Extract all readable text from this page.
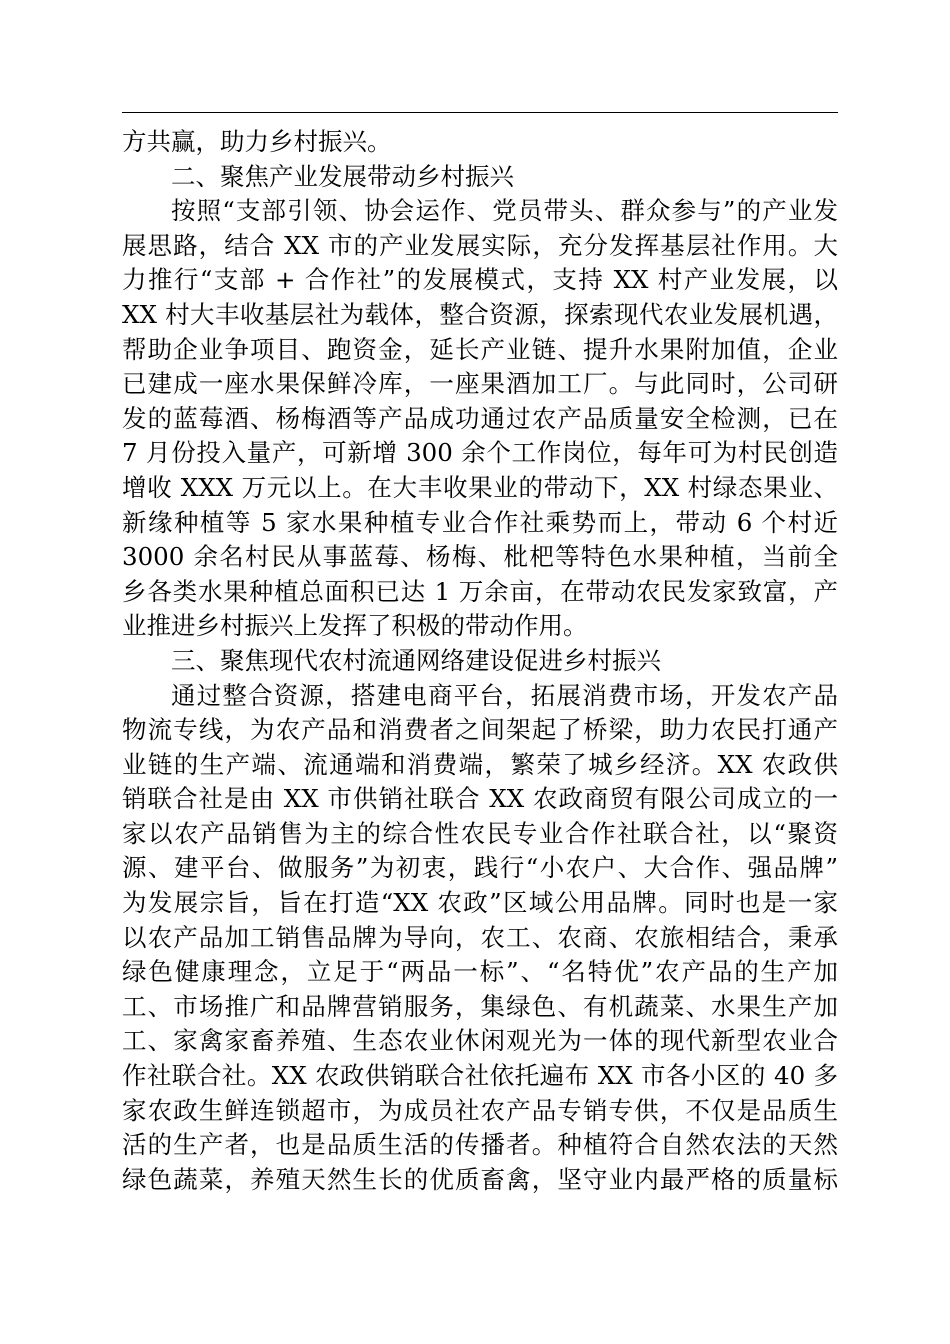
方共赢，助力乡村振兴。
二、聚焦产业发展带动乡村振兴
按照“支部引领、协会运作、党员带头、群众参与”的产业发
展思路，结合 XX 市的产业发展实际，充分发挥基层社作用。大
力推行“支部 + 合作社”的发展模式，支持 XX 村产业发展，以
XX 村大丰收基层社为载体，整合资源，探索现代农业发展机遇，
帮助企业争项目、跑资金，延长产业链、提升水果附加值，企业
已建成一座水果保鲜冷库，一座果酒加工厂。与此同时，公司研
发的蓝莓酒、杨梅酒等产品成功通过农产品质量安全检测，已在
7 月份投入量产，可新增 300 余个工作岗位，每年可为村民创造
增收 XXX 万元以上。在大丰收果业的带动下，XX 村绿态果业、
新缘种植等 5 家水果种植专业合作社乘势而上，带动 6 个村近
3000 余名村民从事蓝莓、杨梅、枇杷等特色水果种植，当前全
乡各类水果种植总面积已达 1 万余亩，在带动农民发家致富，产
业推进乡村振兴上发挥了积极的带动作用。
三、聚焦现代农村流通网络建设促进乡村振兴
通过整合资源，搭建电商平台，拓展消费市场，开发农产品
物流专线，为农产品和消费者之间架起了桥梁，助力农民打通产
业链的生产端、流通端和消费端，繁荣了城乡经济。XX 农政供
销联合社是由 XX 市供销社联合 XX 农政商贸有限公司成立的一
家以农产品销售为主的综合性农民专业合作社联合社，以“聚资
源、建平台、做服务”为初衷，践行“小农户、大合作、强品牌”
为发展宗旨，旨在打造“XX 农政”区域公用品牌。同时也是一家
以农产品加工销售品牌为导向，农工、农商、农旅相结合，秉承
绿色健康理念，立足于“两品一标”、“名特优”农产品的生产加
工、市场推广和品牌营销服务，集绿色、有机蔬菜、水果生产加
工、家禽家畜养殖、生态农业休闲观光为一体的现代新型农业合
作社联合社。XX 农政供销联合社依托遍布 XX 市各小区的 40 多
家农政生鲜连锁超市，为成员社农产品专销专供，不仅是品质生
活的生产者，也是品质生活的传播者。种植符合自然农法的天然
绿色蔬菜，养殖天然生长的优质畜禽，坚守业内最严格的质量标
